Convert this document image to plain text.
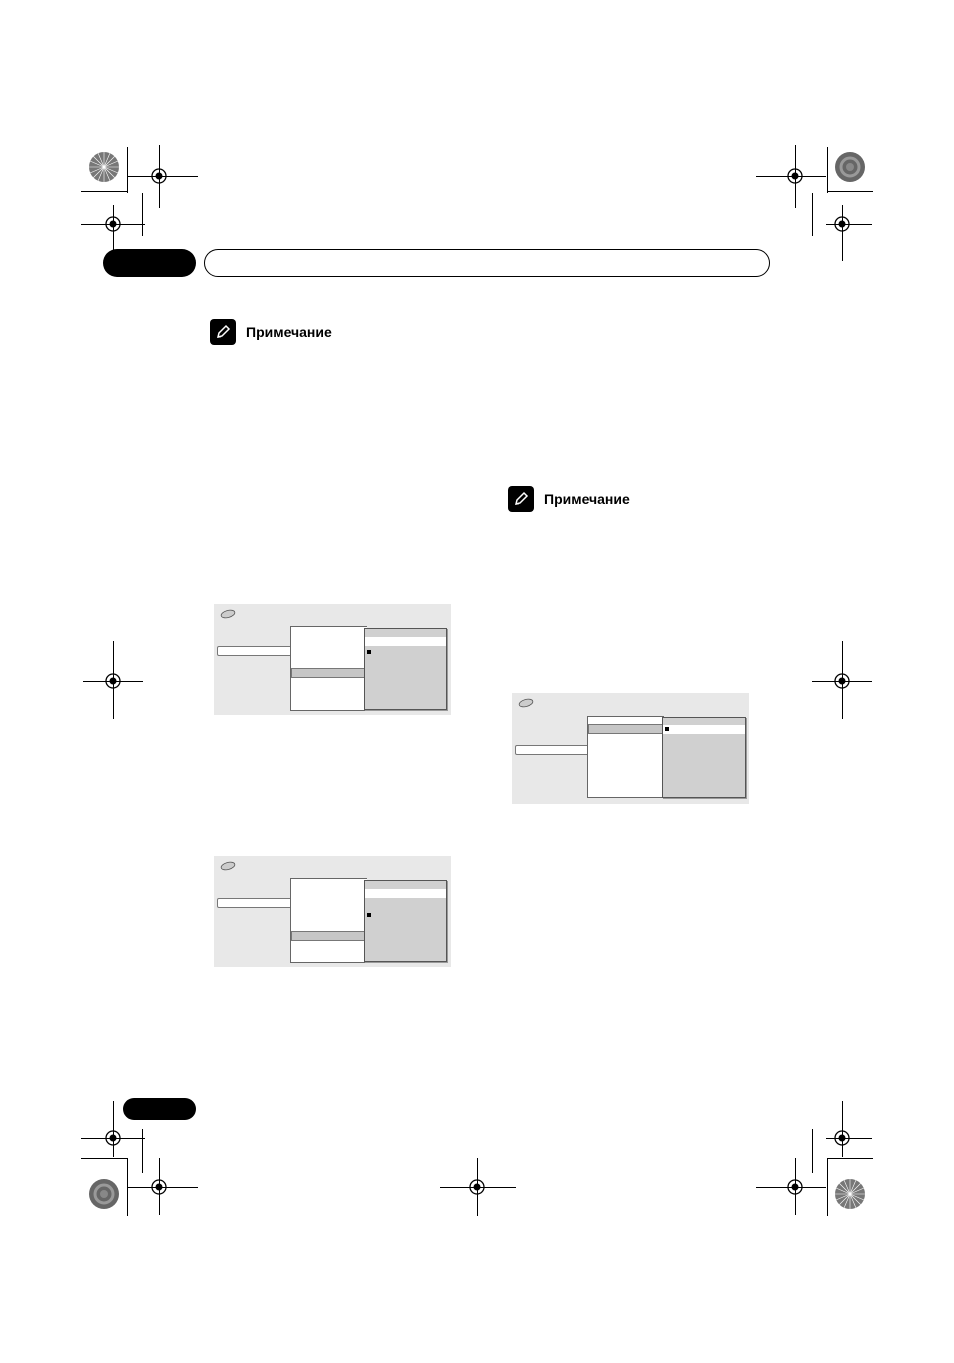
Примечание
Примечание
